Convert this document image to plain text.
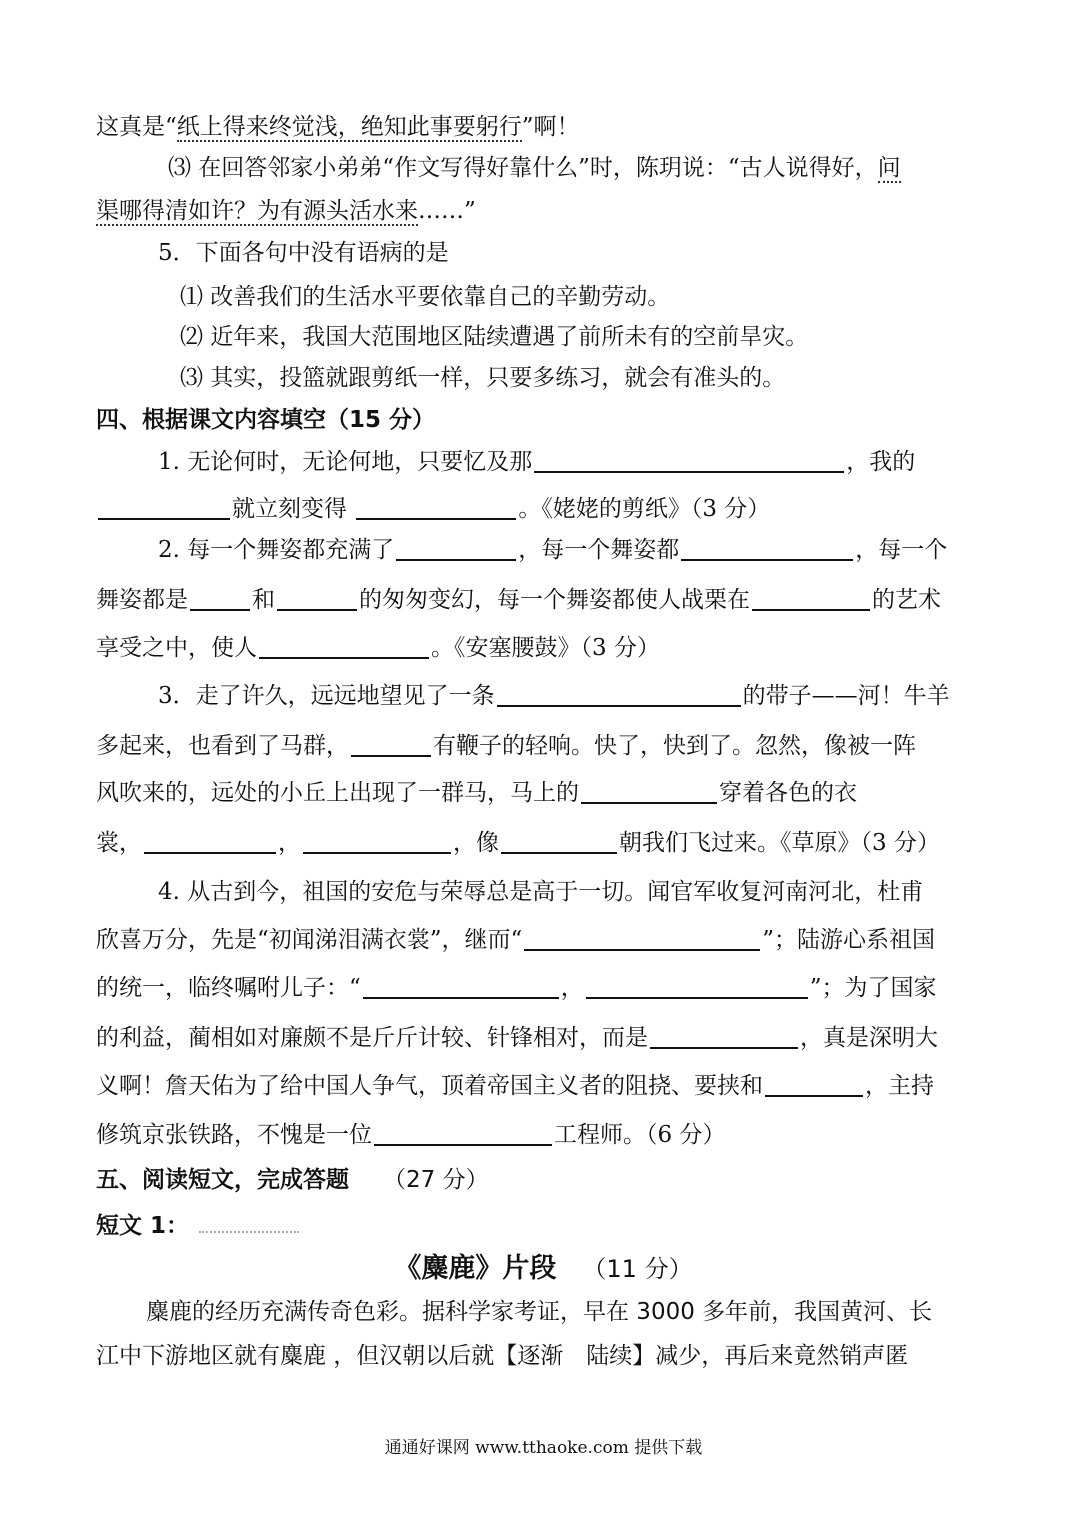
这真是“纸上得来终觉浅，绝知此事要躬行”啊！
⑶ 在回答邻家小弟弟“作文写得好靠什么”时，陈玥说：“古人说得好，问
渠哪得清如许？为有源头活水来……”
5．下面各句中没有语病的是
⑴ 改善我们的生活水平要依靠自己的辛勤劳动。
⑵ 近年来，我国大范围地区陆续遭遇了前所未有的空前旱灾。
⑶ 其实，投篮就跟剪纸一样，只要多练习，就会有准头的。
四、根据课文内容填空（15 分）
1. 无论何时，无论何地，只要忆及那	，我的
就立刻变得	。《姥姥的剪纸》（3 分）
2. 每一个舞姿都充满了	，每一个舞姿都	，每一个
舞姿都是	和	的匆匆变幻，每一个舞姿都使人战栗在	的艺术
享受之中，使人	。《安塞腰鼓》（3 分）
3．走了许久，远远地望见了一条	的带子——河！牛羊
多起来，也看到了马群，	有鞭子的轻响。快了，快到了。忽然，像被一阵
风吹来的，远处的小丘上出现了一群马，马上的	穿着各色的衣
裳，	，	，像	朝我们飞过来。《草原》（3 分）
4. 从古到今，祖国的安危与荣辱总是高于一切。闻官军收复河南河北，杜甫
欣喜万分，先是“初闻涕泪满衣裳”，继而“	”；陆游心系祖国
的统一，临终嘱咐儿子：“	，	”；为了国家
的利益，蔺相如对廉颇不是斤斤计较、针锋相对，而是	，真是深明大
义啊！詹天佑为了给中国人争气，顶着帝国主义者的阻挠、要挟和	，主持
修筑京张铁路，不愧是一位	工程师。（6 分）
五、阅读短文，完成答题 （27 分）
短文 1：
《麋鹿》片段 （11 分）
麋鹿的经历充满传奇色彩。据科学家考证，早在 3000 多年前，我国黄河、长
江中下游地区就有麋鹿 ，但汉朝以后就【逐渐　陆续】减少，再后来竟然销声匿
通通好课网 www.tthaoke.com 提供下载
